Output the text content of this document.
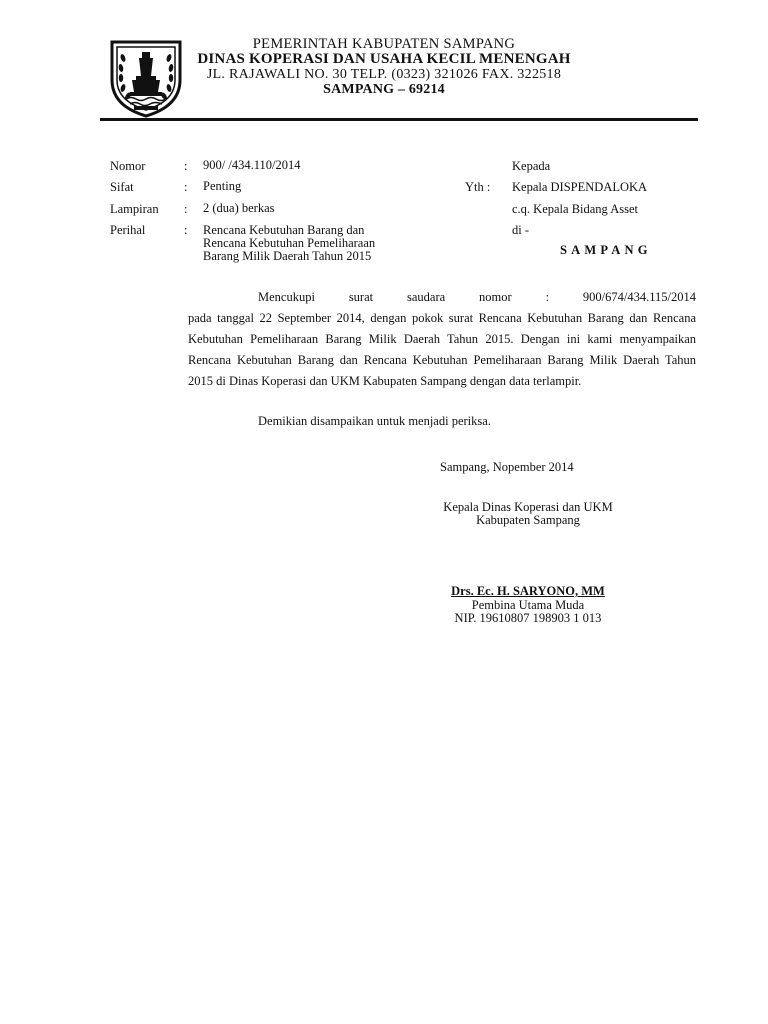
PEMERINTAH KABUPATEN SAMPANG
DINAS KOPERASI DAN USAHA KECIL MENENGAH
JL. RAJAWALI NO. 30 TELP. (0323) 321026 FAX. 322518
SAMPANG – 69214
Nomor	: 900/ /434.110/2014
Sifat	: Penting
Lampiran : 2 (dua) berkas
Perihal	: Rencana Kebutuhan Barang dan
Rencana Kebutuhan Pemeliharaan
Barang Milik Daerah Tahun 2015
Kepada
Yth : Kepala DISPENDALOKA
c.q. Kepala Bidang Asset
di -
SAMPANG

Mencukupi surat saudara nomor : 900/674/434.115/2014

pada tanggal 22 September 2014, dengan pokok surat Rencana Kebutuhan Barang dan Rencana Kebutuhan Pemeliharaan Barang Milik Daerah Tahun 2015. Dengan ini kami menyampaikan Rencana Kebutuhan Barang dan Rencana Kebutuhan Pemeliharaan Barang Milik Daerah Tahun 2015 di Dinas Koperasi dan UKM Kabupaten Sampang dengan data terlampir.
Demikian disampaikan untuk menjadi periksa.
Sampang, Nopember 2014
Kepala Dinas Koperasi dan UKM
Kabupaten Sampang
Drs. Ec. H. SARYONO, MM
Pembina Utama Muda
NIP. 19610807 198903 1 013
